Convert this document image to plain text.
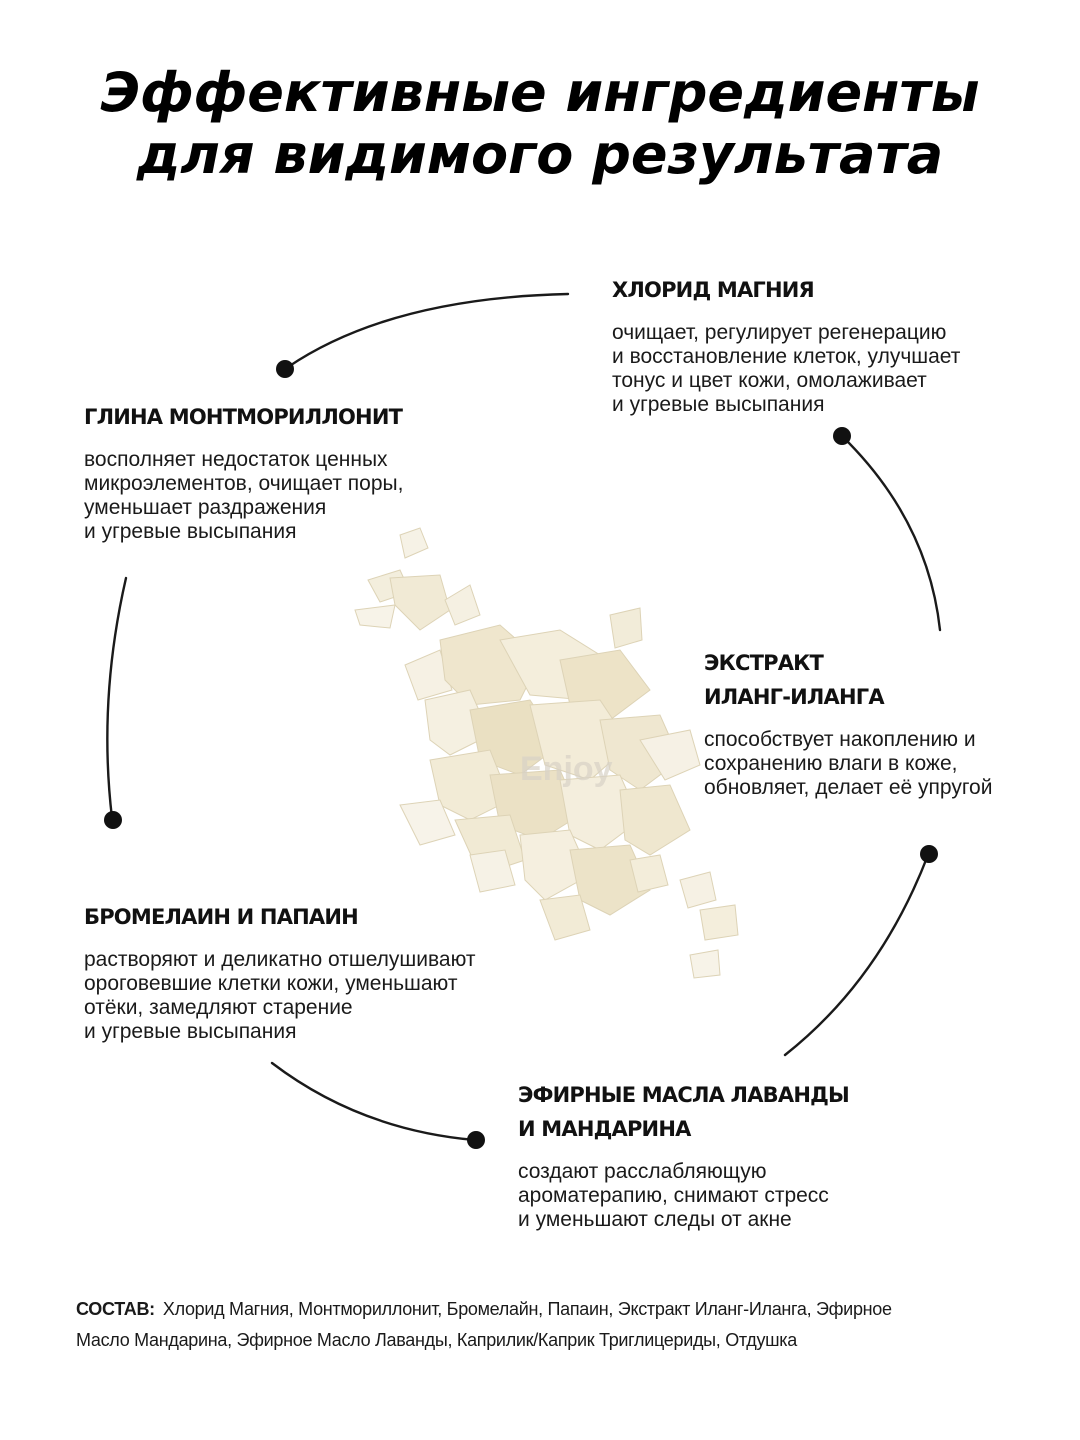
Эффективные ингредиенты
для видимого результата
Enjoy
ХЛОРИД МАГНИЯ
очищает, регулирует регенерацию
и восстановление клеток, улучшает
тонус и цвет кожи, омолаживает
и угревые высыпания
ГЛИНА МОНТМОРИЛЛОНИТ
восполняет недостаток ценных
микроэлементов, очищает поры,
уменьшает раздражения
и угревые высыпания
ЭКСТРАКТ
ИЛАНГ-ИЛАНГА
способствует накоплению и
сохранению влаги в коже,
обновляет, делает её упругой
БРОМЕЛАИН И ПАПАИН
растворяют и деликатно отшелушивают
ороговевшие клетки кожи, уменьшают
отёки, замедляют старение
и угревые высыпания
ЭФИРНЫЕ МАСЛА ЛАВАНДЫ
И МАНДАРИНА
создают расслабляющую
ароматерапию, снимают стресс
и уменьшают следы от акне
СОСТАВ: Хлорид Магния, Монтмориллонит, Бромелайн, Папаин, Экстракт Иланг-Иланга, Эфирное
Масло Мандарина, Эфирное Масло Лаванды, Каприлик/Каприк Триглицериды, Отдушка
